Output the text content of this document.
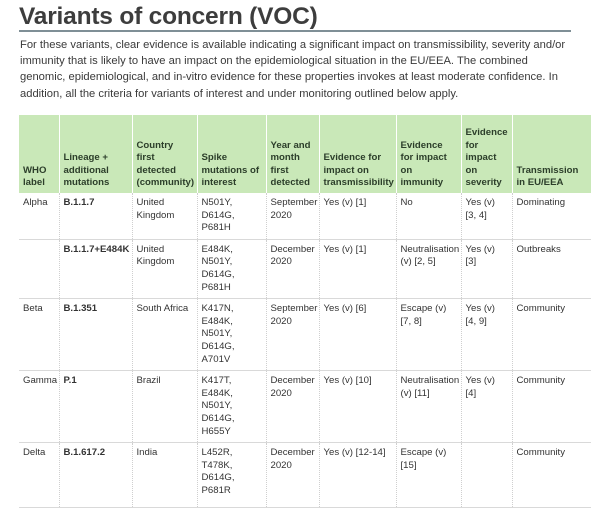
Variants of concern (VOC)
For these variants, clear evidence is available indicating a significant impact on transmissibility, severity and/or immunity that is likely to have an impact on the epidemiological situation in the EU/EEA. The combined genomic, epidemiological, and in-vitro evidence for these properties invokes at least moderate confidence. In addition, all the criteria for variants of interest and under monitoring outlined below apply.
WHO label	Lineage + additional mutations	Country first detected (community)	Spike mutations of interest	Year and month first detected	Evidence for impact on transmissibility	Evidence for impact on immunity	Evidence for impact on severity	Transmission in EU/EEA
Alpha	B.1.1.7	United Kingdom	N501Y, D614G, P681H	September 2020	Yes (v) [1]	No	Yes (v) [3, 4]	Dominating
	B.1.1.7+E484K	United Kingdom	E484K, N501Y, D614G, P681H	December 2020	Yes (v) [1]	Neutralisation (v) [2, 5]	Yes (v) [3]	Outbreaks
Beta	B.1.351	South Africa	K417N, E484K, N501Y, D614G, A701V	September 2020	Yes (v) [6]	Escape (v) [7, 8]	Yes (v) [4, 9]	Community
Gamma	P.1	Brazil	K417T, E484K, N501Y, D614G, H655Y	December 2020	Yes (v) [10]	Neutralisation (v) [11]	Yes (v) [4]	Community
Delta	B.1.617.2	India	L452R, T478K, D614G, P681R	December 2020	Yes (v) [12-14]	Escape (v) [15]		Community
